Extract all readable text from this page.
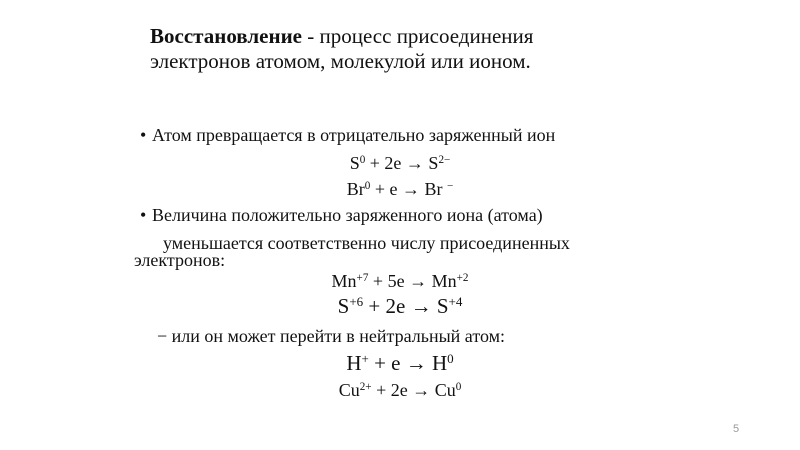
Восстановление - процесс присоединения
электронов атомом, молекулой или ионом.
• Атом превращается в отрицательно заряженный ион
$S^0 + 2e \to S^{2-}$
$Br^0 + e \to Br$ −
• Величина положительно заряженного иона (атома)
уменьшается соответственно числу присоединенных
электронов:
$Mn^{+7} + 5e \to Mn^{+2}$
$S^{+6} + 2e \to S^{+4}$
− или он может перейти в нейтральный атом:
$H^+ + e \to H^0$
$Cu^{2+} + 2e \to Cu^0$
5
